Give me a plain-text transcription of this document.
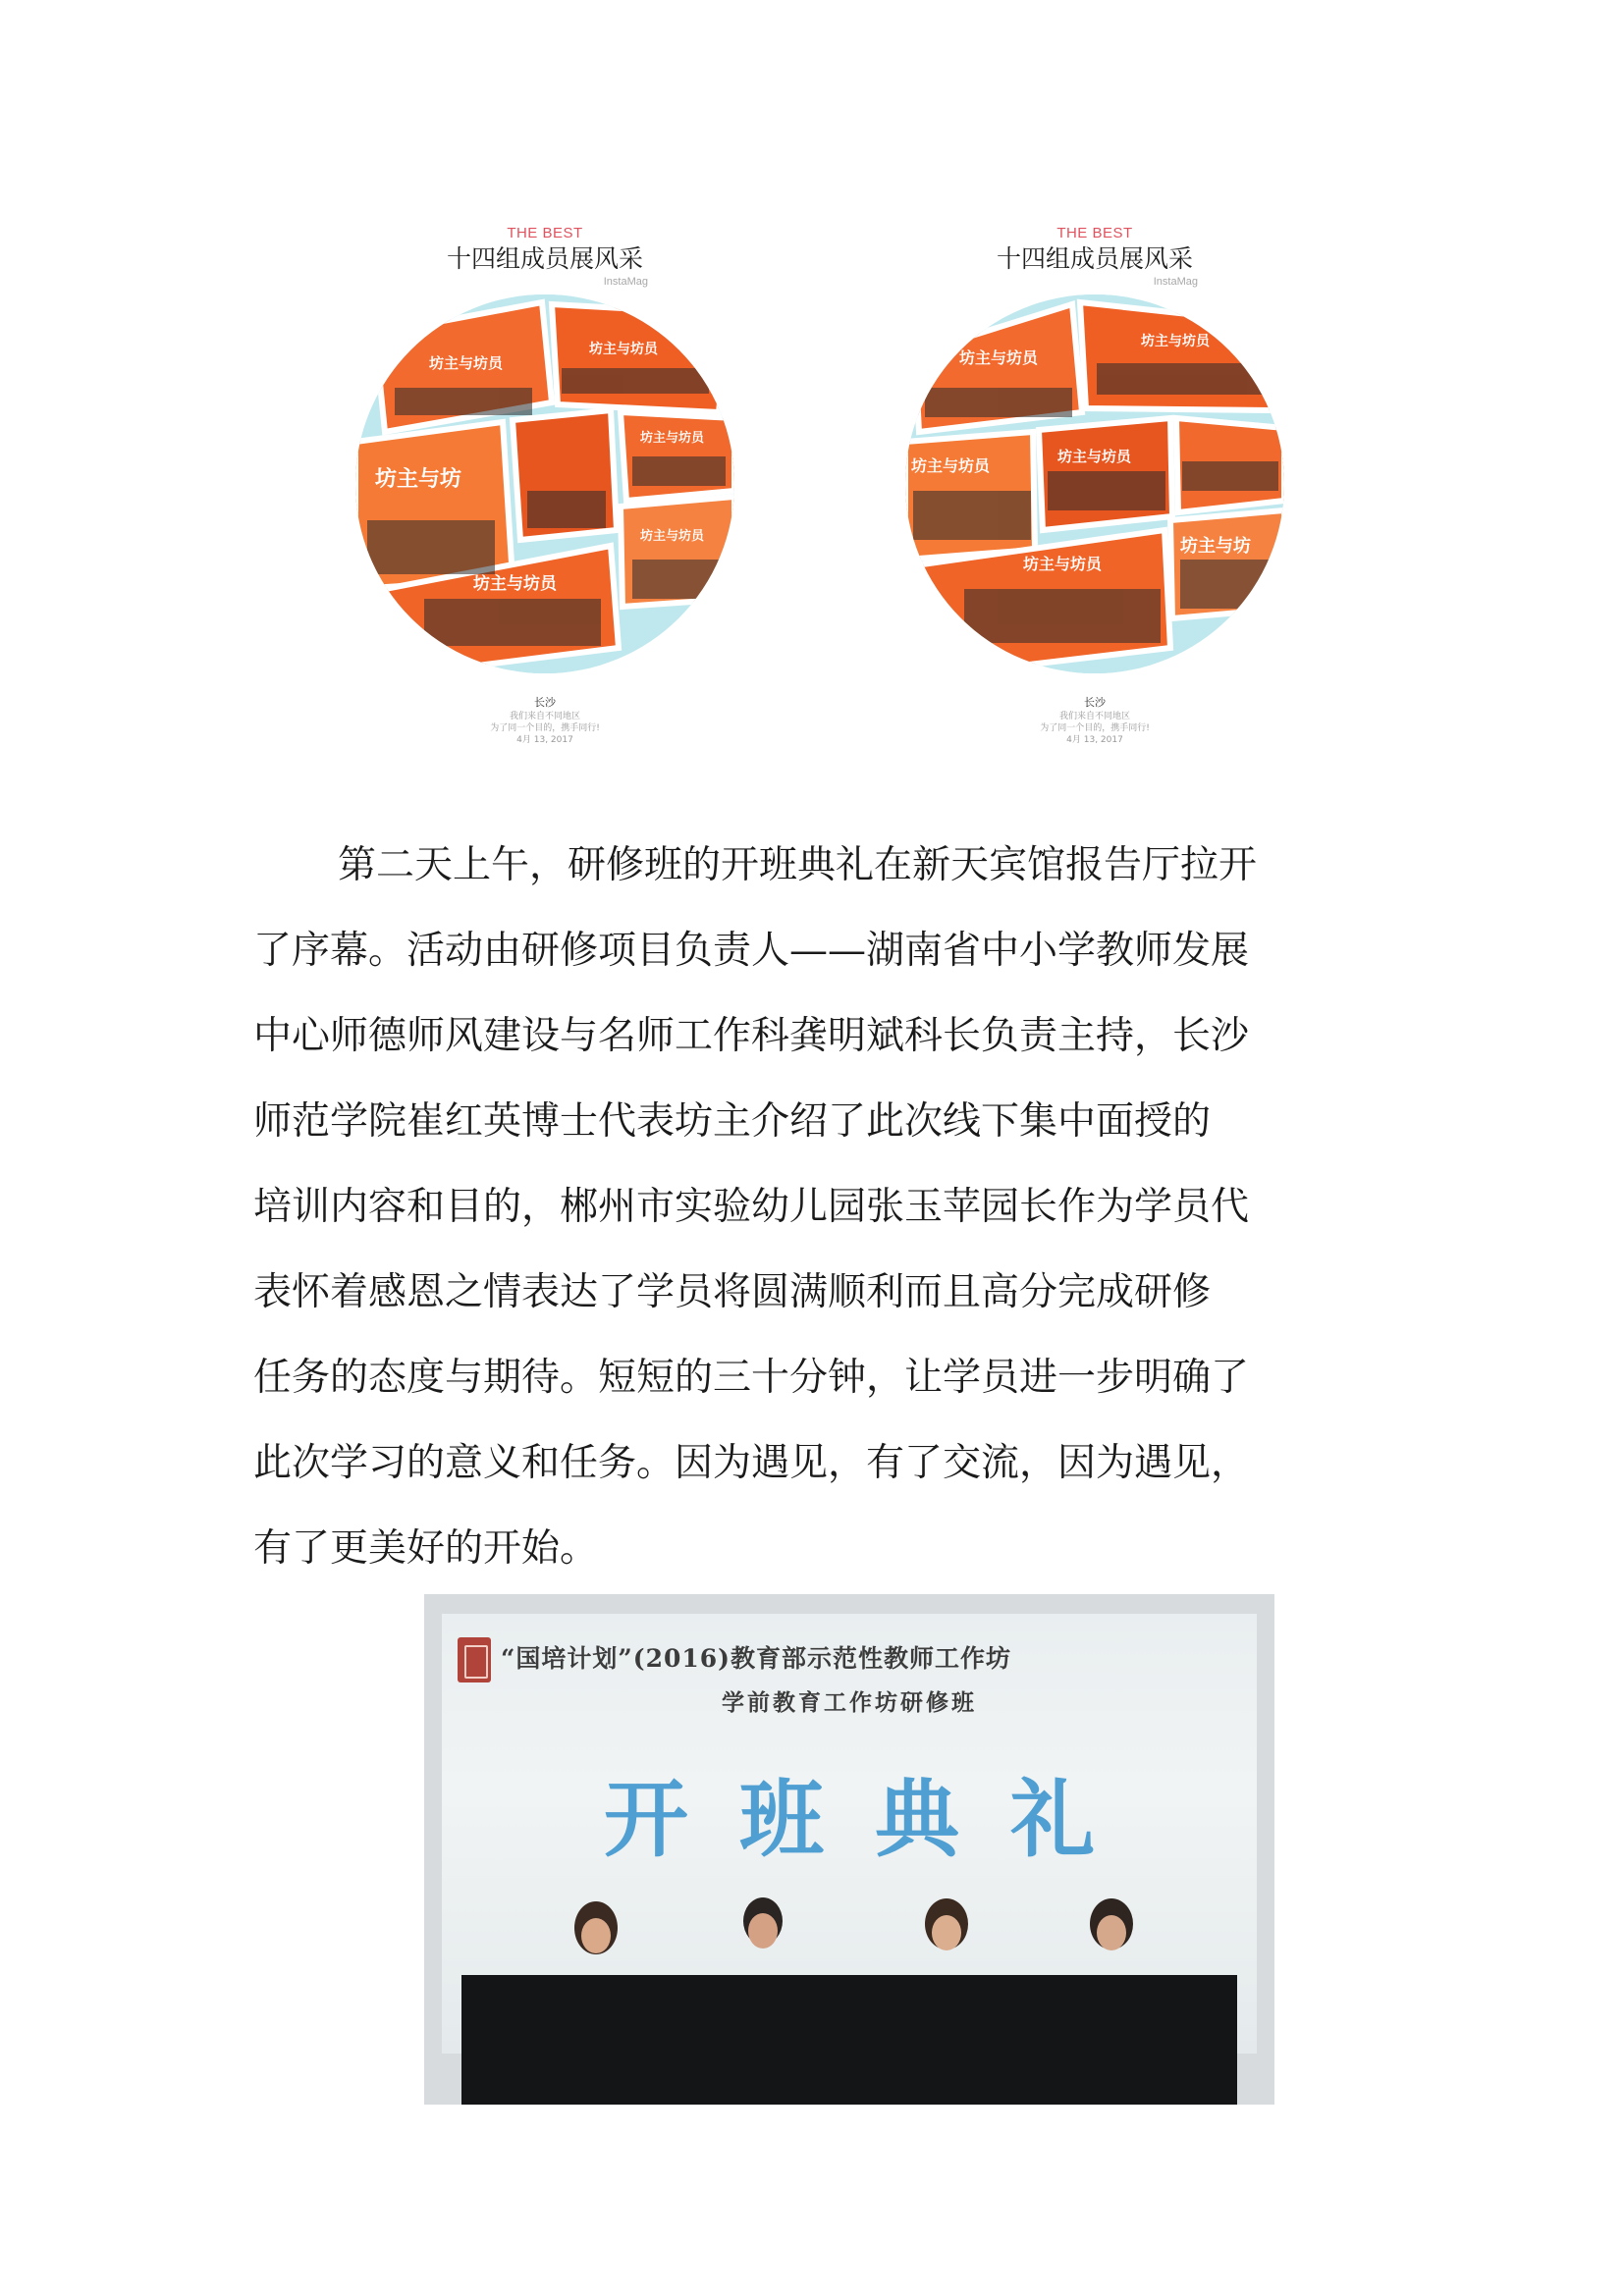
THE BEST
十四组成员展风采
InstaMag
坊主与坊员
坊主与坊员
坊主与坊
坊主与坊员
坊主与坊员
坊主与坊员
长沙
我们来自不同地区
为了同一个目的，携手同行!
4月 13, 2017
THE BEST
十四组成员展风采
InstaMag
坊主与坊员
坊主与坊员
坊主与坊员	坊主与坊员
坊主与坊员
坊主与坊
长沙
我们来自不同地区
为了同一个目的，携手同行!
4月 13, 2017
第二天上午，研修班的开班典礼在新天宾馆报告厅拉开
了序幕。活动由研修项目负责人——湖南省中小学教师发展
中心师德师风建设与名师工作科龚明斌科长负责主持，长沙
师范学院崔红英博士代表坊主介绍了此次线下集中面授的
培训内容和目的，郴州市实验幼儿园张玉苹园长作为学员代
表怀着感恩之情表达了学员将圆满顺利而且高分完成研修
任务的态度与期待。短短的三十分钟，让学员进一步明确了
此次学习的意义和任务。因为遇见，有了交流，因为遇见，
有了更美好的开始。
“国培计划”(2016)教育部示范性教师工作坊
学前教育工作坊研修班
开班典礼
